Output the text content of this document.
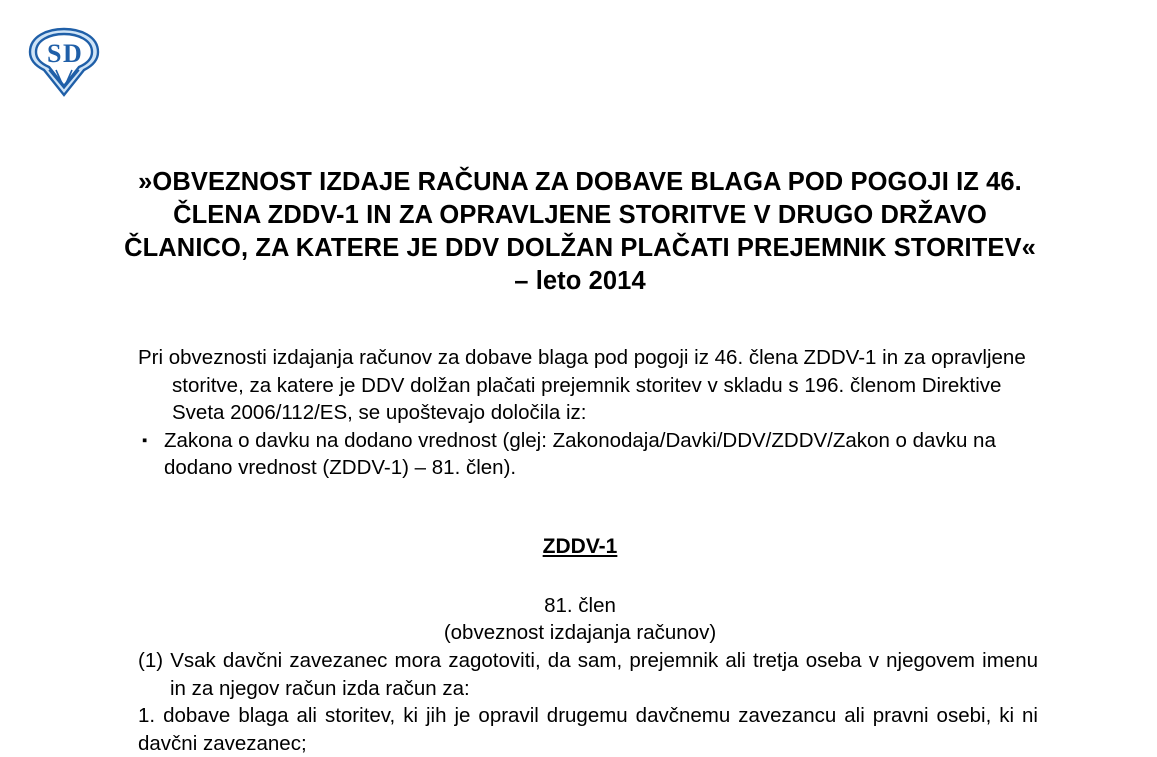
S D
»OBVEZNOST IZDAJE RAČUNA ZA DOBAVE BLAGA POD POGOJI IZ 46. ČLENA ZDDV-1 IN ZA OPRAVLJENE STORITVE V DRUGO DRŽAVO ČLANICO, ZA KATERE JE DDV DOLŽAN PLAČATI PREJEMNIK STORITEV« – leto 2014
Pri obveznosti izdajanja računov za dobave blaga pod pogoji iz 46. člena ZDDV-1 in za opravljene storitve, za katere je DDV dolžan plačati prejemnik storitev v skladu s 196. členom Direktive Sveta 2006/112/ES, se upoštevajo določila iz:
▪ Zakona o davku na dodano vrednost (glej: Zakonodaja/Davki/DDV/ZDDV/Zakon o davku na dodano vrednost (ZDDV-1) – 81. člen).
ZDDV-1
81. člen
(obveznost izdajanja računov)

(1) Vsak davčni zavezanec mora zagotoviti, da sam, prejemnik ali tretja oseba v njegovem imenu in za njegov račun izda račun za:

1. dobave blaga ali storitev, ki jih je opravil drugemu davčnemu zavezancu ali pravni osebi, ki ni davčni zavezanec;
